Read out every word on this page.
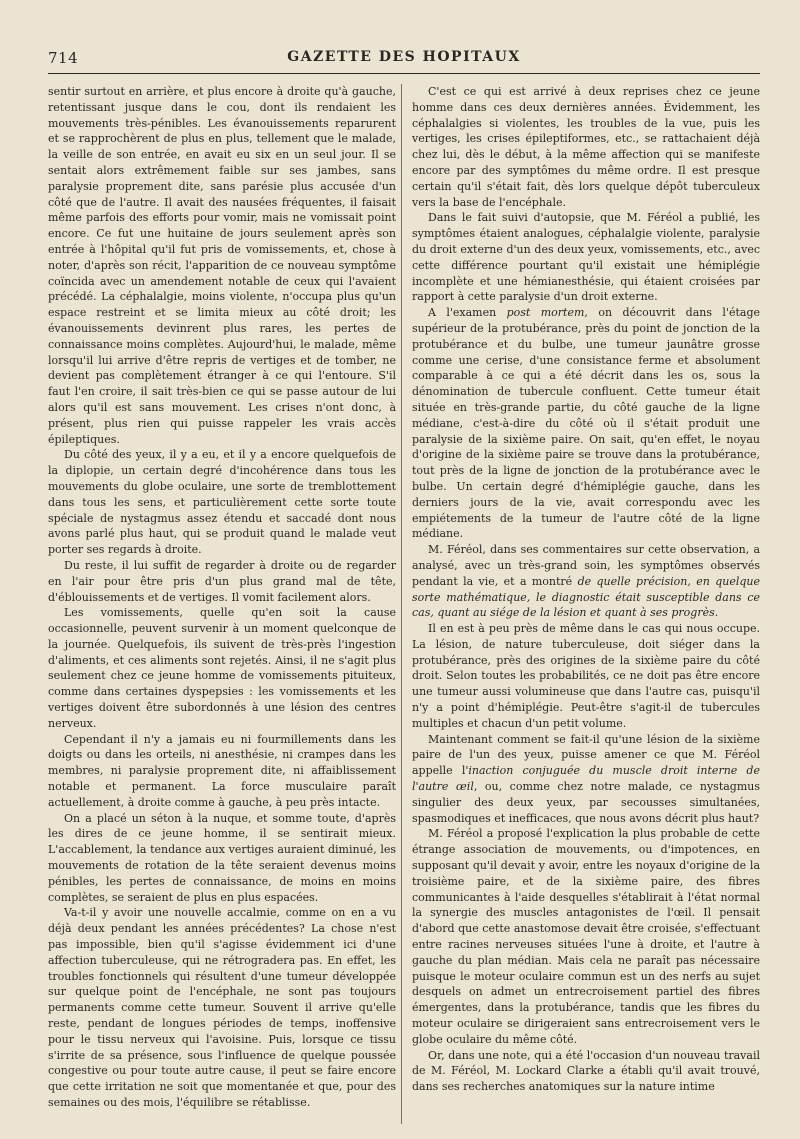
714	GAZETTE DES HOPITAUX

sentir surtout en arrière, et plus encore à droite qu'à gauche, retentissant jusque dans le cou, dont ils rendaient les mouvements très-pénibles. Les évanouissements reparurent et se rapprochèrent de plus en plus, tellement que le malade, la veille de son entrée, en avait eu six en un seul jour. Il se sentait alors extrêmement faible sur ses jambes, sans paralysie proprement dite, sans parésie plus accusée d'un côté que de l'autre. Il avait des nausées fréquentes, il faisait même parfois des efforts pour vomir, mais ne vomissait point encore. Ce fut une huitaine de jours seulement après son entrée à l'hôpital qu'il fut pris de vomissements, et, chose à noter, d'après son récit, l'apparition de ce nouveau symptôme coïncida avec un amendement notable de ceux qui l'avaient précédé. La céphalalgie, moins violente, n'occupa plus qu'un espace restreint et se limita mieux au côté droit; les évanouissements devinrent plus rares, les pertes de connaissance moins complètes. Aujourd'hui, le malade, même lorsqu'il lui arrive d'être repris de vertiges et de tomber, ne devient pas complètement étranger à ce qui l'entoure. S'il faut l'en croire, il sait très-bien ce qui se passe autour de lui alors qu'il est sans mouvement. Les crises n'ont donc, à présent, plus rien qui puisse rappeler les vrais accès épileptiques.

Du côté des yeux, il y a eu, et il y a encore quelquefois de la diplopie, un certain degré d'incohérence dans tous les mouvements du globe oculaire, une sorte de tremblottement dans tous les sens, et particulièrement cette sorte toute spéciale de nystagmus assez étendu et saccadé dont nous avons parlé plus haut, qui se produit quand le malade veut porter ses regards à droite.

Du reste, il lui suffit de regarder à droite ou de regarder en l'air pour être pris d'un plus grand mal de tête, d'éblouissements et de vertiges. Il vomit facilement alors.

Les vomissements, quelle qu'en soit la cause occasionnelle, peuvent survenir à un moment quelconque de la journée. Quelquefois, ils suivent de très-près l'ingestion d'aliments, et ces aliments sont rejetés. Ainsi, il ne s'agit plus seulement chez ce jeune homme de vomissements pituiteux, comme dans certaines dyspepsies : les vomissements et les vertiges doivent être subordonnés à une lésion des centres nerveux.

Cependant il n'y a jamais eu ni fourmillements dans les doigts ou dans les orteils, ni anesthésie, ni crampes dans les membres, ni paralysie proprement dite, ni affaiblissement notable et permanent. La force musculaire paraît actuellement, à droite comme à gauche, à peu près intacte.

On a placé un séton à la nuque, et somme toute, d'après les dires de ce jeune homme, il se sentirait mieux. L'accablement, la tendance aux vertiges auraient diminué, les mouvements de rotation de la tête seraient devenus moins pénibles, les pertes de connaissance, de moins en moins complètes, se seraient de plus en plus espacées.

Va-t-il y avoir une nouvelle accalmie, comme on en a vu déjà deux pendant les années précédentes? La chose n'est pas impossible, bien qu'il s'agisse évidemment ici d'une affection tuberculeuse, qui ne rétrogradera pas. En effet, les troubles fonctionnels qui résultent d'une tumeur développée sur quelque point de l'encéphale, ne sont pas toujours permanents comme cette tumeur. Souvent il arrive qu'elle reste, pendant de longues périodes de temps, inoffensive pour le tissu nerveux qui l'avoisine. Puis, lorsque ce tissu s'irrite de sa présence, sous l'influence de quelque poussée congestive ou pour toute autre cause, il peut se faire encore que cette irritation ne soit que momentanée et que, pour des semaines ou des mois, l'équilibre se rétablisse.

C'est ce qui est arrivé à deux reprises chez ce jeune homme dans ces deux dernières années. Évidemment, les céphalalgies si violentes, les troubles de la vue, puis les vertiges, les crises épileptiformes, etc., se rattachaient déjà chez lui, dès le début, à la même affection qui se manifeste encore par des symptômes du même ordre. Il est presque certain qu'il s'était fait, dès lors quelque dépôt tuberculeux vers la base de l'encéphale.

Dans le fait suivi d'autopsie, que M. Féréol a publié, les symptômes étaient analogues, céphalalgie violente, paralysie du droit externe d'un des deux yeux, vomissements, etc., avec cette différence pourtant qu'il existait une hémiplégie incomplète et une hémianesthésie, qui étaient croisées par rapport à cette paralysie d'un droit externe.

A l'examen post mortem, on découvrit dans l'étage supérieur de la protubérance, près du point de jonction de la protubérance et du bulbe, une tumeur jaunâtre grosse comme une cerise, d'une consistance ferme et absolument comparable à ce qui a été décrit dans les os, sous la dénomination de tubercule confluent. Cette tumeur était située en très-grande partie, du côté gauche de la ligne médiane, c'est-à-dire du côté où il s'était produit une paralysie de la sixième paire. On sait, qu'en effet, le noyau d'origine de la sixième paire se trouve dans la protubérance, tout près de la ligne de jonction de la protubérance avec le bulbe. Un certain degré d'hémiplégie gauche, dans les derniers jours de la vie, avait correspondu avec les empiétements de la tumeur de l'autre côté de la ligne médiane.

M. Féréol, dans ses commentaires sur cette observation, a analysé, avec un très-grand soin, les symptômes observés pendant la vie, et a montré de quelle précision, en quelque sorte mathématique, le diagnostic était susceptible dans ce cas, quant au siége de la lésion et quant à ses progrès.

Il en est à peu près de même dans le cas qui nous occupe. La lésion, de nature tuberculeuse, doit siéger dans la protubérance, près des origines de la sixième paire du côté droit. Selon toutes les probabilités, ce ne doit pas être encore une tumeur aussi volumineuse que dans l'autre cas, puisqu'il n'y a point d'hémiplégie. Peut-être s'agit-il de tubercules multiples et chacun d'un petit volume.

Maintenant comment se fait-il qu'une lésion de la sixième paire de l'un des yeux, puisse amener ce que M. Féréol appelle l'inaction conjuguée du muscle droit interne de l'autre œil, ou, comme chez notre malade, ce nystagmus singulier des deux yeux, par secousses simultanées, spasmodiques et inefficaces, que nous avons décrit plus haut?

M. Féréol a proposé l'explication la plus probable de cette étrange association de mouvements, ou d'impotences, en supposant qu'il devait y avoir, entre les noyaux d'origine de la troisième paire, et de la sixième paire, des fibres communicantes à l'aide desquelles s'établirait à l'état normal la synergie des muscles antagonistes de l'œil. Il pensait d'abord que cette anastomose devait être croisée, s'effectuant entre racines nerveuses situées l'une à droite, et l'autre à gauche du plan médian. Mais cela ne paraît pas nécessaire puisque le moteur oculaire commun est un des nerfs au sujet desquels on admet un entrecroisement partiel des fibres émergentes, dans la protubérance, tandis que les fibres du moteur oculaire se dirigeraient sans entrecroisement vers le globe oculaire du même côté.

Or, dans une note, qui a été l'occasion d'un nouveau travail de M. Féréol, M. Lockard Clarke a établi qu'il avait trouvé, dans ses recherches anatomiques sur la nature intime
